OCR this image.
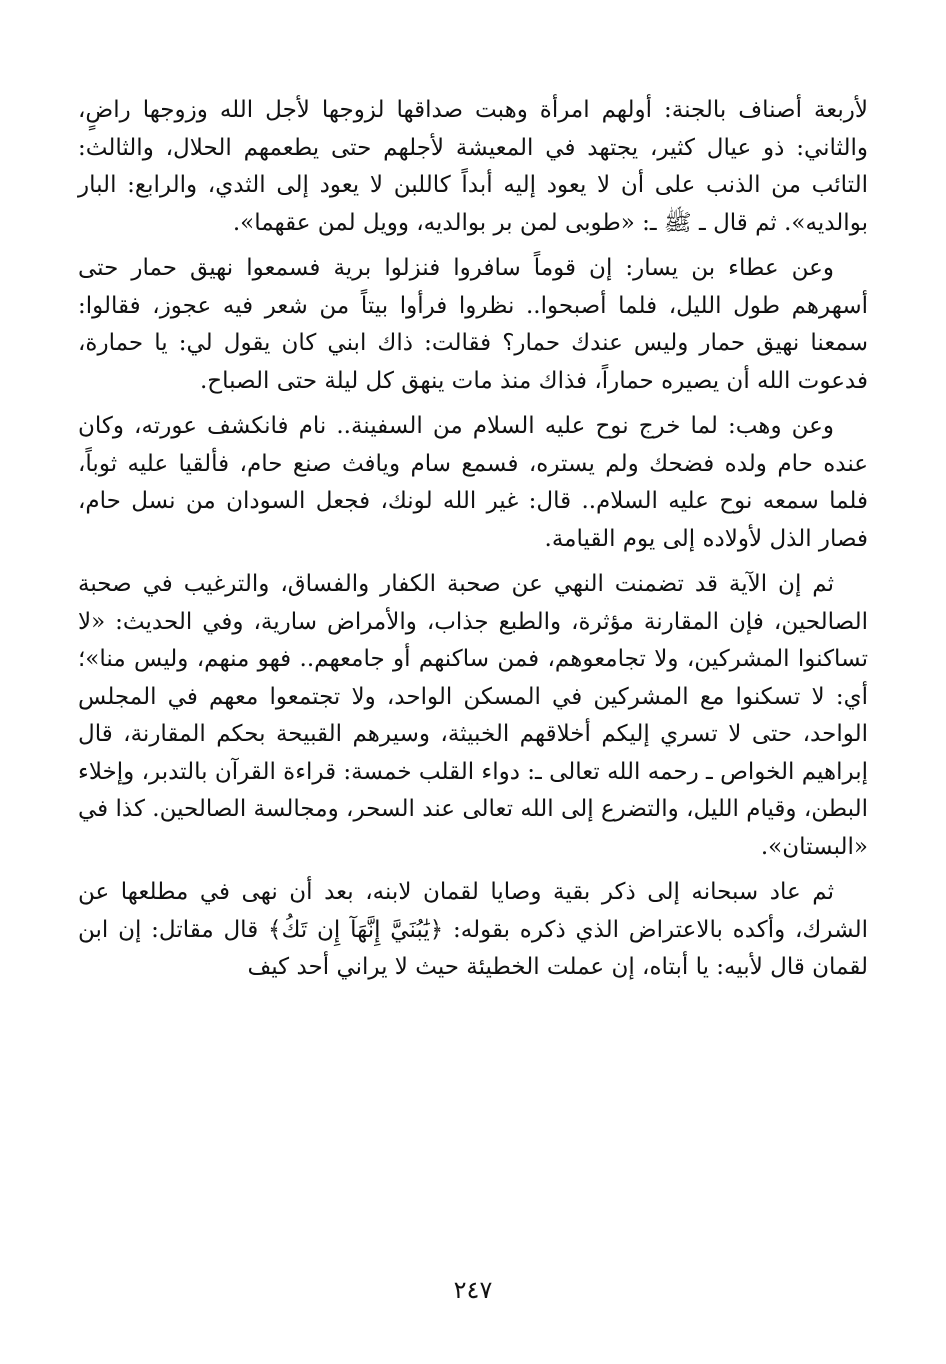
لأربعة أصناف بالجنة: أولهم امرأة وهبت صداقها لزوجها لأجل الله وزوجها راضٍ، والثاني: ذو عيال كثير، يجتهد في المعيشة لأجلهم حتى يطعمهم الحلال، والثالث: التائب من الذنب على أن لا يعود إليه أبداً كاللبن لا يعود إلى الثدي، والرابع: البار بوالديه». ثم قال ـ ﷺ ـ: «طوبى لمن بر بوالديه، وويل لمن عقهما».

وعن عطاء بن يسار: إن قوماً سافروا فنزلوا برية فسمعوا نهيق حمار حتى أسهرهم طول الليل، فلما أصبحوا.. نظروا فرأوا بيتاً من شعر فيه عجوز، فقالوا: سمعنا نهيق حمار وليس عندك حمار؟ فقالت: ذاك ابني كان يقول لي: يا حمارة، فدعوت الله أن يصيره حماراً، فذاك منذ مات ينهق كل ليلة حتى الصباح.

وعن وهب: لما خرج نوح عليه السلام من السفينة.. نام فانكشف عورته، وكان عنده حام ولده فضحك ولم يستره، فسمع سام ويافث صنع حام، فألقيا عليه ثوباً، فلما سمعه نوح عليه السلام.. قال: غير الله لونك، فجعل السودان من نسل حام، فصار الذل لأولاده إلى يوم القيامة.

ثم إن الآية قد تضمنت النهي عن صحبة الكفار والفساق، والترغيب في صحبة الصالحين، فإن المقارنة مؤثرة، والطبع جذاب، والأمراض سارية، وفي الحديث: «لا تساكنوا المشركين، ولا تجامعوهم، فمن ساكنهم أو جامعهم.. فهو منهم، وليس منا»؛ أي: لا تسكنوا مع المشركين في المسكن الواحد، ولا تجتمعوا معهم في المجلس الواحد، حتى لا تسري إليكم أخلاقهم الخبيثة، وسيرهم القبيحة بحكم المقارنة، قال إبراهيم الخواص ـ رحمه الله تعالى ـ: دواء القلب خمسة: قراءة القرآن بالتدبر، وإخلاء البطن، وقيام الليل، والتضرع إلى الله تعالى عند السحر، ومجالسة الصالحين. كذا في «البستان».

ثم عاد سبحانه إلى ذكر بقية وصايا لقمان لابنه، بعد أن نهى في مطلعها عن الشرك، وأكده بالاعتراض الذي ذكره بقوله: ﴿يَٰبُنَيَّ إِنَّهَآ إِن تَكُ﴾ قال مقاتل: إن ابن لقمان قال لأبيه: يا أبتاه، إن عملت الخطيئة حيث لا يراني أحد كيف

٢٤٧
